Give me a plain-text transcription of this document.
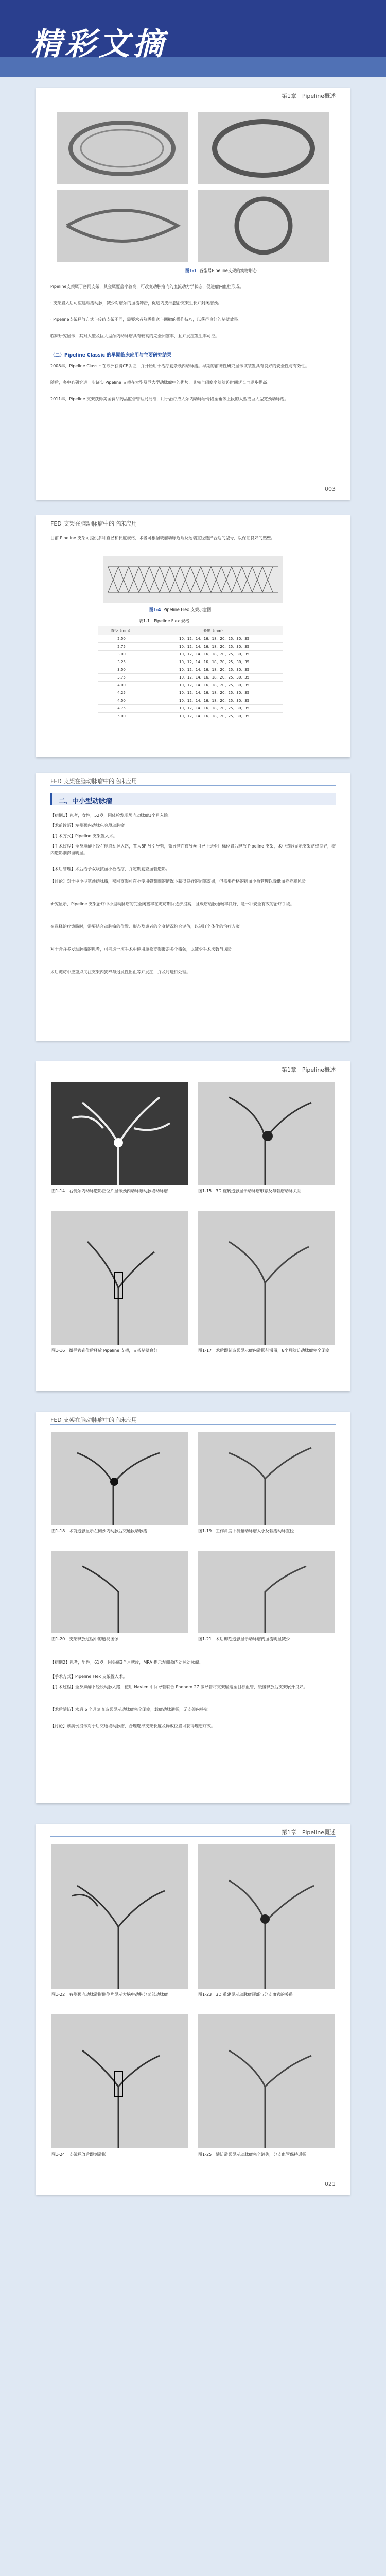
精彩文摘
第1章　Pipeline概述
图1-1 各型号Pipeline支架的实物形态
Pipeline支架属于密网支架，其金属覆盖率较高，可改变动脉瘤内的血流动力学状态，促进瘤内血栓形成。
· 支架置入后可重建载瘤动脉，减少对瘤颈的血流冲击，促进内皮细胞沿支架生长并封闭瘤颈。
· Pipeline支架释放方式与传统支架不同，需要术者熟悉推送与回撤的操作技巧，以获得良好的贴壁效果。
临床研究显示，其对大型及巨大型颅内动脉瘤具有较高的完全闭塞率，且并发症发生率可控。
（二）Pipeline Classic 的早期临床应用与主要研究结果
2008年，Pipeline Classic 在欧洲获得CE认证，并开始用于治疗复杂颅内动脉瘤。早期的前瞻性研究显示该装置具有良好的安全性与有效性。
随后，多中心研究进一步证实 Pipeline 支架在大型及巨大型动脉瘤中的优势，其完全闭塞率随随访时间延长而逐步提高。
2011年，Pipeline 支架获得美国食品药品监督管理局批准，用于治疗成人颈内动脉岩骨段至垂体上段的大型或巨大型宽颈动脉瘤。
003
FED 支架在脑动脉瘤中的临床应用
目前 Pipeline 支架可提供多种直径和长度规格，术者可根据载瘤动脉近端及远端直径选择合适的型号，以保证良好的贴壁。
图1-4 Pipeline Flex 支架示意图
表1-1　Pipeline Flex 规格
直径（mm）	长度（mm）
2.50	10、12、14、16、18、20、25、30、35
2.75	10、12、14、16、18、20、25、30、35
3.00	10、12、14、16、18、20、25、30、35
3.25	10、12、14、16、18、20、25、30、35
3.50	10、12、14、16、18、20、25、30、35
3.75	10、12、14、16、18、20、25、30、35
4.00	10、12、14、16、18、20、25、30、35
4.25	10、12、14、16、18、20、25、30、35
4.50	10、12、14、16、18、20、25、30、35
4.75	10、12、14、16、18、20、25、30、35
5.00	10、12、14、16、18、20、25、30、35
FED 支架在脑动脉瘤中的临床应用
二、中小型动脉瘤
【病例1】患者，女性，52岁，因体检发现颅内动脉瘤1个月入院。
【术前诊断】左侧颈内动脉床突段动脉瘤。
【手术方式】Pipeline 支架置入术。
【手术过程】全身麻醉下经右侧股动脉入路，置入8F 导引导管，微导管在微导丝引导下送至目标位置后释放 Pipeline 支架，术中造影显示支架贴壁良好，瘤内造影剂滞留明显。
【术后管理】术后给予双联抗血小板治疗，并定期复查血管造影。
【讨论】对于中小型宽颈动脉瘤，密网支架可在不使用弹簧圈的情况下获得良好的闭塞效果，但需要严格的抗血小板管理以降低血栓栓塞风险。
研究显示，Pipeline 支架治疗中小型动脉瘤的完全闭塞率在随访期间逐步提高，且载瘤动脉通畅率良好，是一种安全有效的治疗手段。
在选择治疗策略时，需要结合动脉瘤的位置、形态及患者的全身情况综合评估，以制订个体化的治疗方案。
对于合并多发动脉瘤的患者，可考虑一次手术中使用单枚支架覆盖多个瘤颈，以减少手术次数与风险。
术后随访中应重点关注支架内狭窄与迟发性出血等并发症，并及时进行处理。
第1章　Pipeline概述
图1-14　右侧颈内动脉造影正位片显示颈内动脉眼动脉段动脉瘤	图1-15　3D 旋转造影显示动脉瘤形态及与载瘤动脉关系
图1-16　微导管到位后释放 Pipeline 支架，支架贴壁良好	图1-17　术后即刻造影显示瘤内造影剂滞留，6个月随访动脉瘤完全闭塞
FED 支架在脑动脉瘤中的临床应用
图1-18　术前造影显示左侧颈内动脉后交通段动脉瘤	图1-19　工作角度下测量动脉瘤大小及载瘤动脉直径
图1-20　支架释放过程中的透视图像	图1-21　术后即刻造影显示动脉瘤内血流明显减少
【病例2】患者，男性，61岁，因头痛3个月就诊，MRA 提示左侧颈内动脉动脉瘤。
【手术方式】Pipeline Flex 支架置入术。
【手术过程】全身麻醉下经股动脉入路，使用 Navien 中间导管联合 Phenom 27 微导管将支架输送至目标血管，缓慢释放后支架展开良好。
【术后随访】术后 6 个月复查造影显示动脉瘤完全闭塞，载瘤动脉通畅，无支架内狭窄。
【讨论】该病例提示对于后交通段动脉瘤，合理选择支架长度及释放位置可获得理想疗效。
第1章　Pipeline概述
图1-22　右侧颈内动脉造影侧位片显示大脑中动脉分叉部动脉瘤	图1-23　3D 重建显示动脉瘤颈部与分支血管的关系
图1-24　支架释放后即刻造影	图1-25　随访造影显示动脉瘤完全消失，分支血管保持通畅
021
